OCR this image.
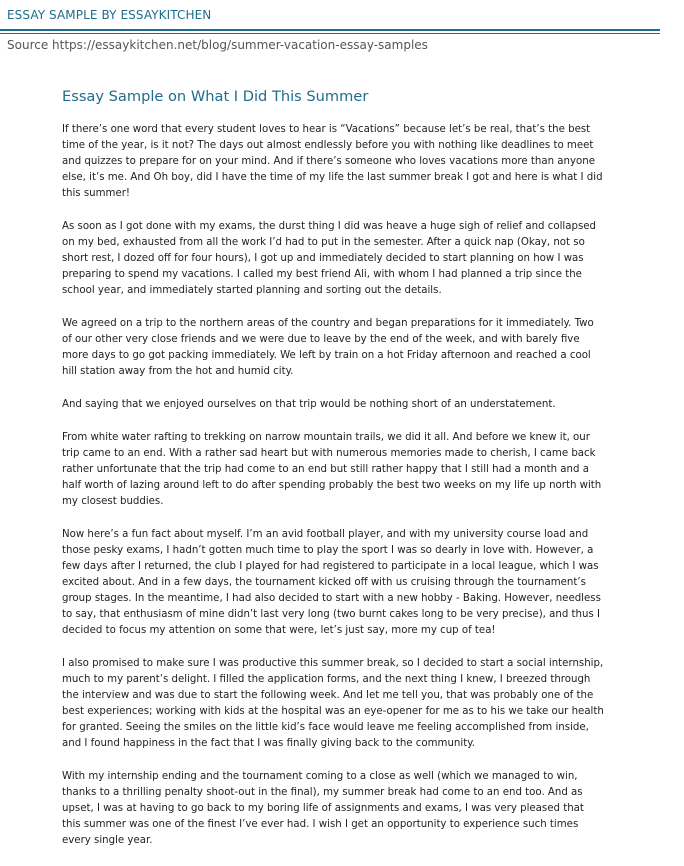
ESSAY SAMPLE BY ESSAYKITCHEN
Source https://essaykitchen.net/blog/summer-vacation-essay-samples
Essay Sample on What I Did This Summer

If there’s one word that every student loves to hear is “Vacations” because let’s be real, that’s the best time of the year, is it not? The days out almost endlessly before you with nothing like deadlines to meet and quizzes to prepare for on your mind. And if there’s someone who loves vacations more than anyone else, it’s me. And Oh boy, did I have the time of my life the last summer break I got and here is what I did this summer!

As soon as I got done with my exams, the durst thing I did was heave a huge sigh of relief and collapsed on my bed, exhausted from all the work I’d had to put in the semester. After a quick nap (Okay, not so short rest, I dozed off for four hours), I got up and immediately decided to start planning on how I was preparing to spend my vacations. I called my best friend Ali, with whom I had planned a trip since the school year, and immediately started planning and sorting out the details.

We agreed on a trip to the northern areas of the country and began preparations for it immediately. Two of our other very close friends and we were due to leave by the end of the week, and with barely five more days to go got packing immediately. We left by train on a hot Friday afternoon and reached a cool hill station away from the hot and humid city.

And saying that we enjoyed ourselves on that trip would be nothing short of an understatement.

From white water rafting to trekking on narrow mountain trails, we did it all. And before we knew it, our trip came to an end. With a rather sad heart but with numerous memories made to cherish, I came back rather unfortunate that the trip had come to an end but still rather happy that I still had a month and a half worth of lazing around left to do after spending probably the best two weeks on my life up north with my closest buddies.

Now here’s a fun fact about myself. I’m an avid football player, and with my university course load and those pesky exams, I hadn’t gotten much time to play the sport I was so dearly in love with. However, a few days after I returned, the club I played for had registered to participate in a local league, which I was excited about. And in a few days, the tournament kicked off with us cruising through the tournament’s group stages. In the meantime, I had also decided to start with a new hobby - Baking. However, needless to say, that enthusiasm of mine didn’t last very long (two burnt cakes long to be very precise), and thus I decided to focus my attention on some that were, let’s just say, more my cup of tea!

I also promised to make sure I was productive this summer break, so I decided to start a social internship, much to my parent’s delight. I filled the application forms, and the next thing I knew, I breezed through the interview and was due to start the following week. And let me tell you, that was probably one of the best experiences; working with kids at the hospital was an eye-opener for me as to his we take our health for granted. Seeing the smiles on the little kid’s face would leave me feeling accomplished from inside, and I found happiness in the fact that I was finally giving back to the community.

With my internship ending and the tournament coming to a close as well (which we managed to win, thanks to a thrilling penalty shoot-out in the final), my summer break had come to an end too. And as upset, I was at having to go back to my boring life of assignments and exams, I was very pleased that this summer was one of the finest I’ve ever had. I wish I get an opportunity to experience such times every single year.
